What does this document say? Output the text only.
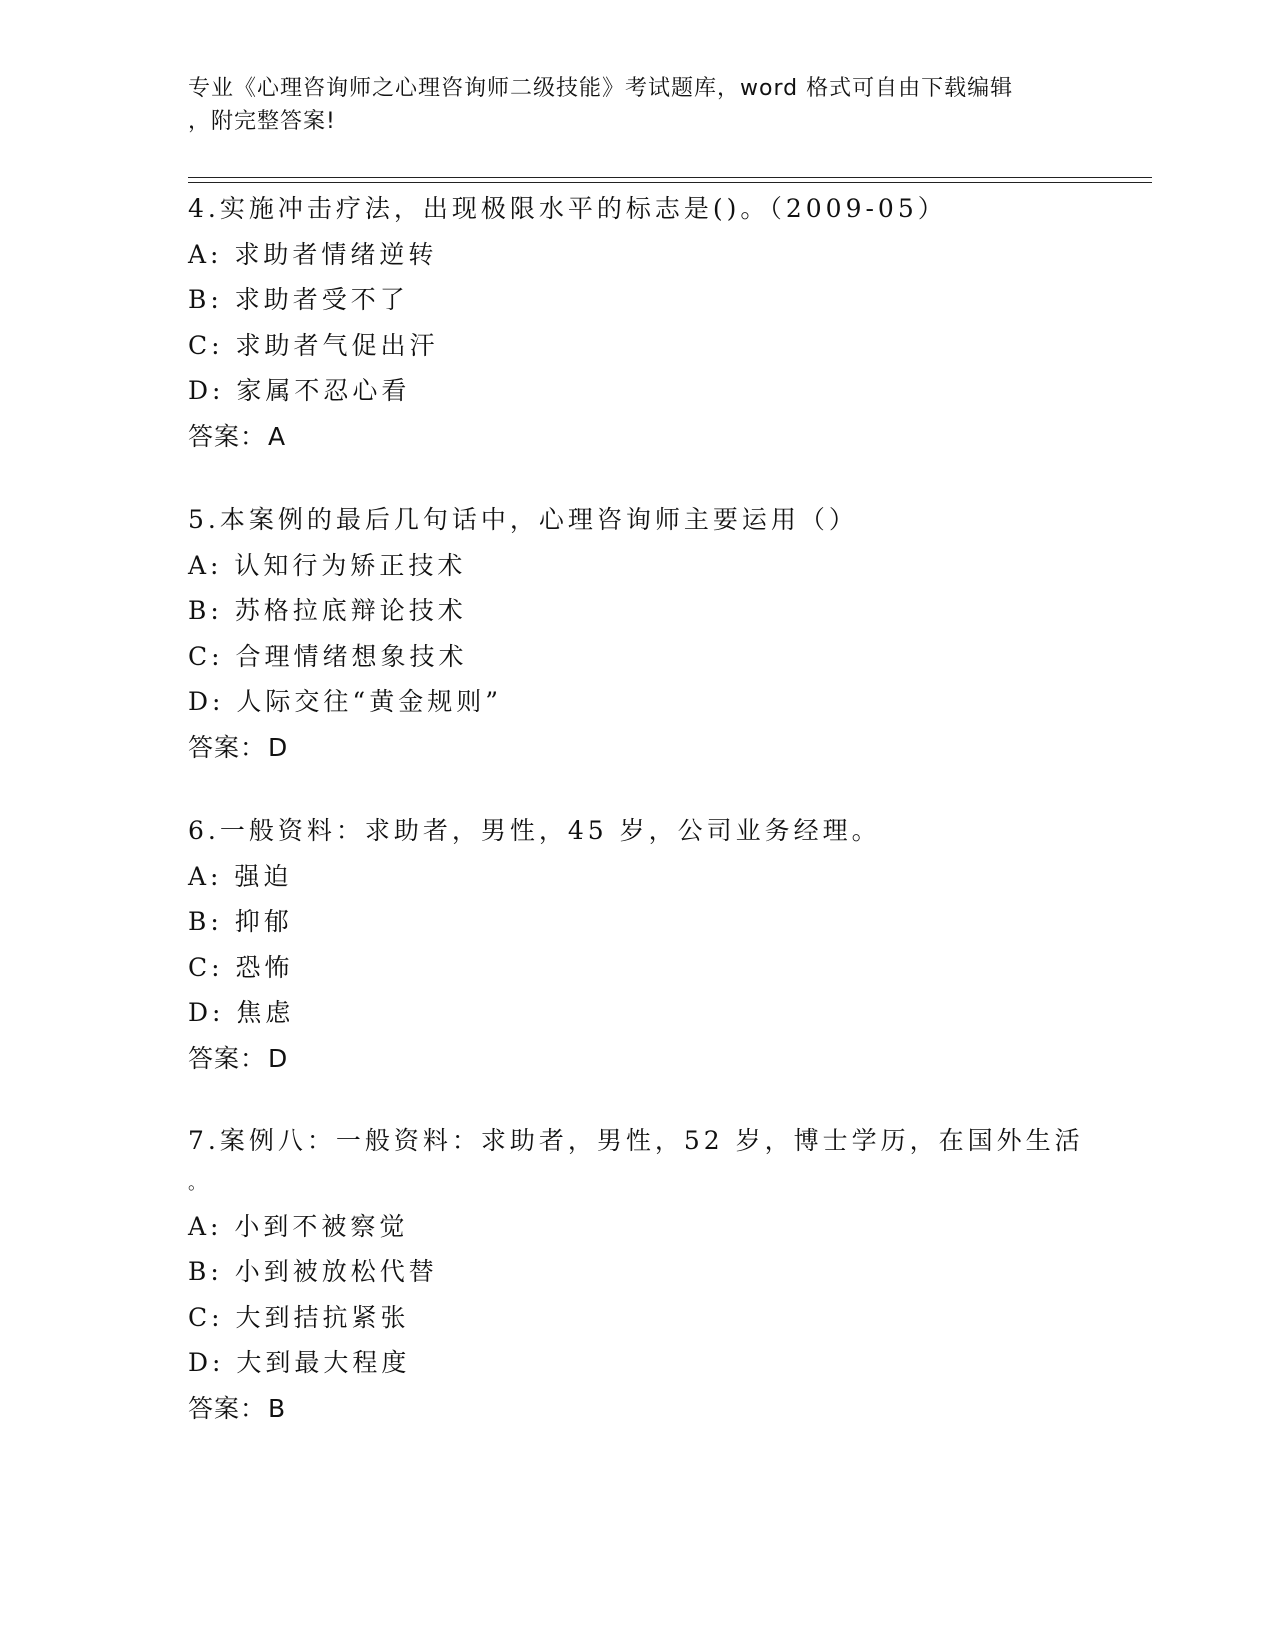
专业《心理咨询师之心理咨询师二级技能》考试题库，word 格式可自由下载编辑
，附完整答案!
4.实施冲击疗法，出现极限水平的标志是()。（2009-05）
A: 求助者情绪逆转
B: 求助者受不了
C: 求助者气促出汗
D: 家属不忍心看
答案：A
5.本案例的最后几句话中，心理咨询师主要运用（）
A: 认知行为矫正技术
B: 苏格拉底辩论技术
C: 合理情绪想象技术
D: 人际交往“黄金规则”
答案：D
6.一般资料：求助者，男性，45 岁，公司业务经理。
A: 强迫
B: 抑郁
C: 恐怖
D: 焦虑
答案：D
7.案例八：一般资料：求助者，男性，52 岁，博士学历，在国外生活
。
A: 小到不被察觉
B: 小到被放松代替
C: 大到拮抗紧张
D: 大到最大程度
答案：B
